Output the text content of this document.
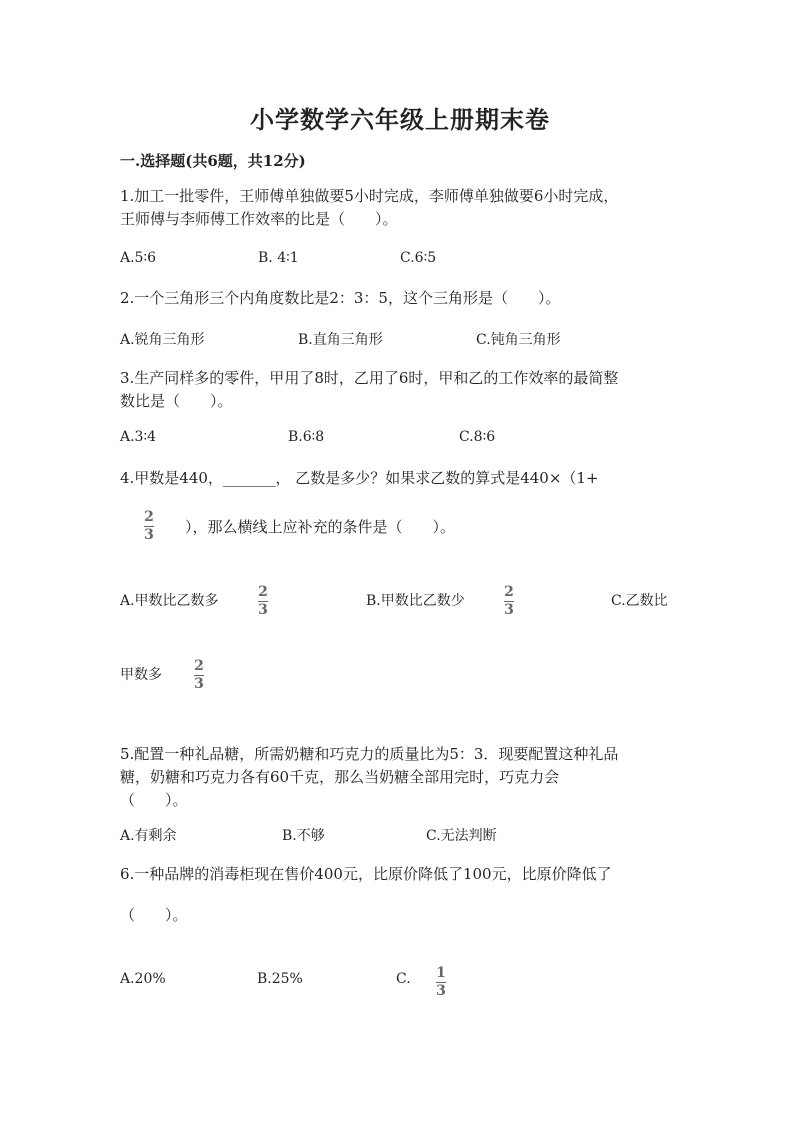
小学数学六年级上册期末卷
一.选择题(共6题，共12分)
1.加工一批零件，王师傅单独做要5小时完成，李师傅单独做要6小时完成，
王师傅与李师傅工作效率的比是（　　）。
A.5∶6	B. 4∶1	C.6∶5
2.一个三角形三个内角度数比是2：3：5，这个三角形是（　　）。
A.锐角三角形	B.直角三角形	C.钝角三角形
3.生产同样多的零件，甲用了8时，乙用了6时，甲和乙的工作效率的最简整
数比是（　　）。
A.3∶4	B.6∶8	C.8∶6
4.甲数是440，_______， 乙数是多少？如果求乙数的算式是440×（1+
2
3 ），那么横线上应补充的条件是（　　）。
A.甲数比乙数多
2
3
B.甲数比乙数少
2
3
C.乙数比
甲数多
2
3
5.配置一种礼品糖，所需奶糖和巧克力的质量比为5：3．现要配置这种礼品
糖，奶糖和巧克力各有60千克，那么当奶糖全部用完时，巧克力会
（　　）。
A.有剩余	B.不够	C.无法判断
6.一种品牌的消毒柜现在售价400元，比原价降低了100元，比原价降低了
（　　）。
A.20%	B.25%	C. 1
3
